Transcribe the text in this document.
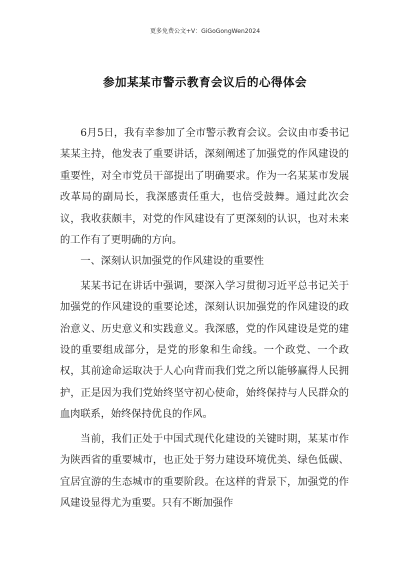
更多免费公文+V：GiGoGongWen2024
参加某某市警示教育会议后的心得体会

6月5日，我有幸参加了全市警示教育会议。会议由市委书记某某主持，他发表了重要讲话，深刻阐述了加强党的作风建设的重要性，对全市党员干部提出了明确要求。作为一名某某市发展改革局的副局长，我深感责任重大，也倍受鼓舞。通过此次会议，我收获颇丰，对党的作风建设有了更深刻的认识，也对未来的工作有了更明确的方向。

一、深刻认识加强党的作风建设的重要性

某某书记在讲话中强调，要深入学习贯彻习近平总书记关于加强党的作风建设的重要论述，深刻认识加强党的作风建设的政治意义、历史意义和实践意义。我深感，党的作风建设是党的建设的重要组成部分，是党的形象和生命线。一个政党、一个政权，其前途命运取决于人心向背而我们党之所以能够赢得人民拥护，正是因为我们党始终坚守初心使命，始终保持与人民群众的血肉联系，始终保持优良的作风。

当前，我们正处于中国式现代化建设的关键时期，某某市作为陕西省的重要城市，也正处于努力建设环境优美、绿色低碳、宜居宜游的生态城市的重要阶段。在这样的背景下，加强党的作风建设显得尤为重要。只有不断加强作
